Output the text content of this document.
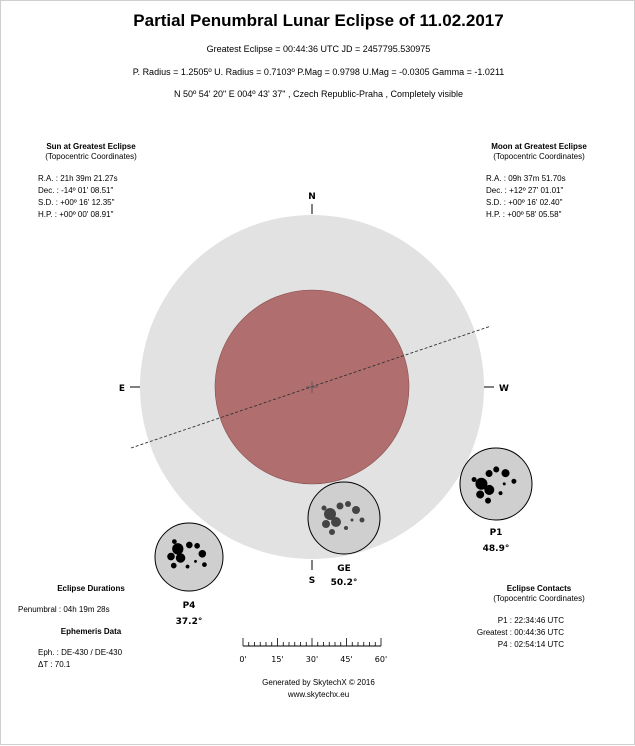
Partial Penumbral Lunar Eclipse of 11.02.2017
Greatest Eclipse = 00:44:36 UTC JD = 2457795.530975
P. Radius = 1.2505º U. Radius = 0.7103º P.Mag = 0.9798 U.Mag = -0.0305 Gamma = -1.0211
N 50º 54' 20" E 004º 43' 37" , Czech Republic-Praha , Completely visible
Sun at Greatest Eclipse
(Topocentric Coordinates)
R.A. : 21h 39m 21.27s
Dec. : -14º 01' 08.51"
S.D. : +00º 16' 12.35"
H.P. : +00º 00' 08.91"
Moon at Greatest Eclipse
(Topocentric Coordinates)
R.A. : 09h 37m 51.70s
Dec. : +12º 27' 01.01"
S.D. : +00º 16' 02.40"
H.P. : +00º 58' 05.58"
N
S
E	W
P1
48.9°
GE
50.2°
P4
37.2°
0'	15'	30'	45'	60'
Eclipse Durations
Penumbral : 04h 19m 28s
Ephemeris Data
Eph. : DE-430 / DE-430
ΔT : 70.1
Eclipse Contacts
(Topocentric Coordinates)
P1 : 22:34:46 UTC
Greatest : 00:44:36 UTC
P4 : 02:54:14 UTC
Generated by SkytechX © 2016
www.skytechx.eu
